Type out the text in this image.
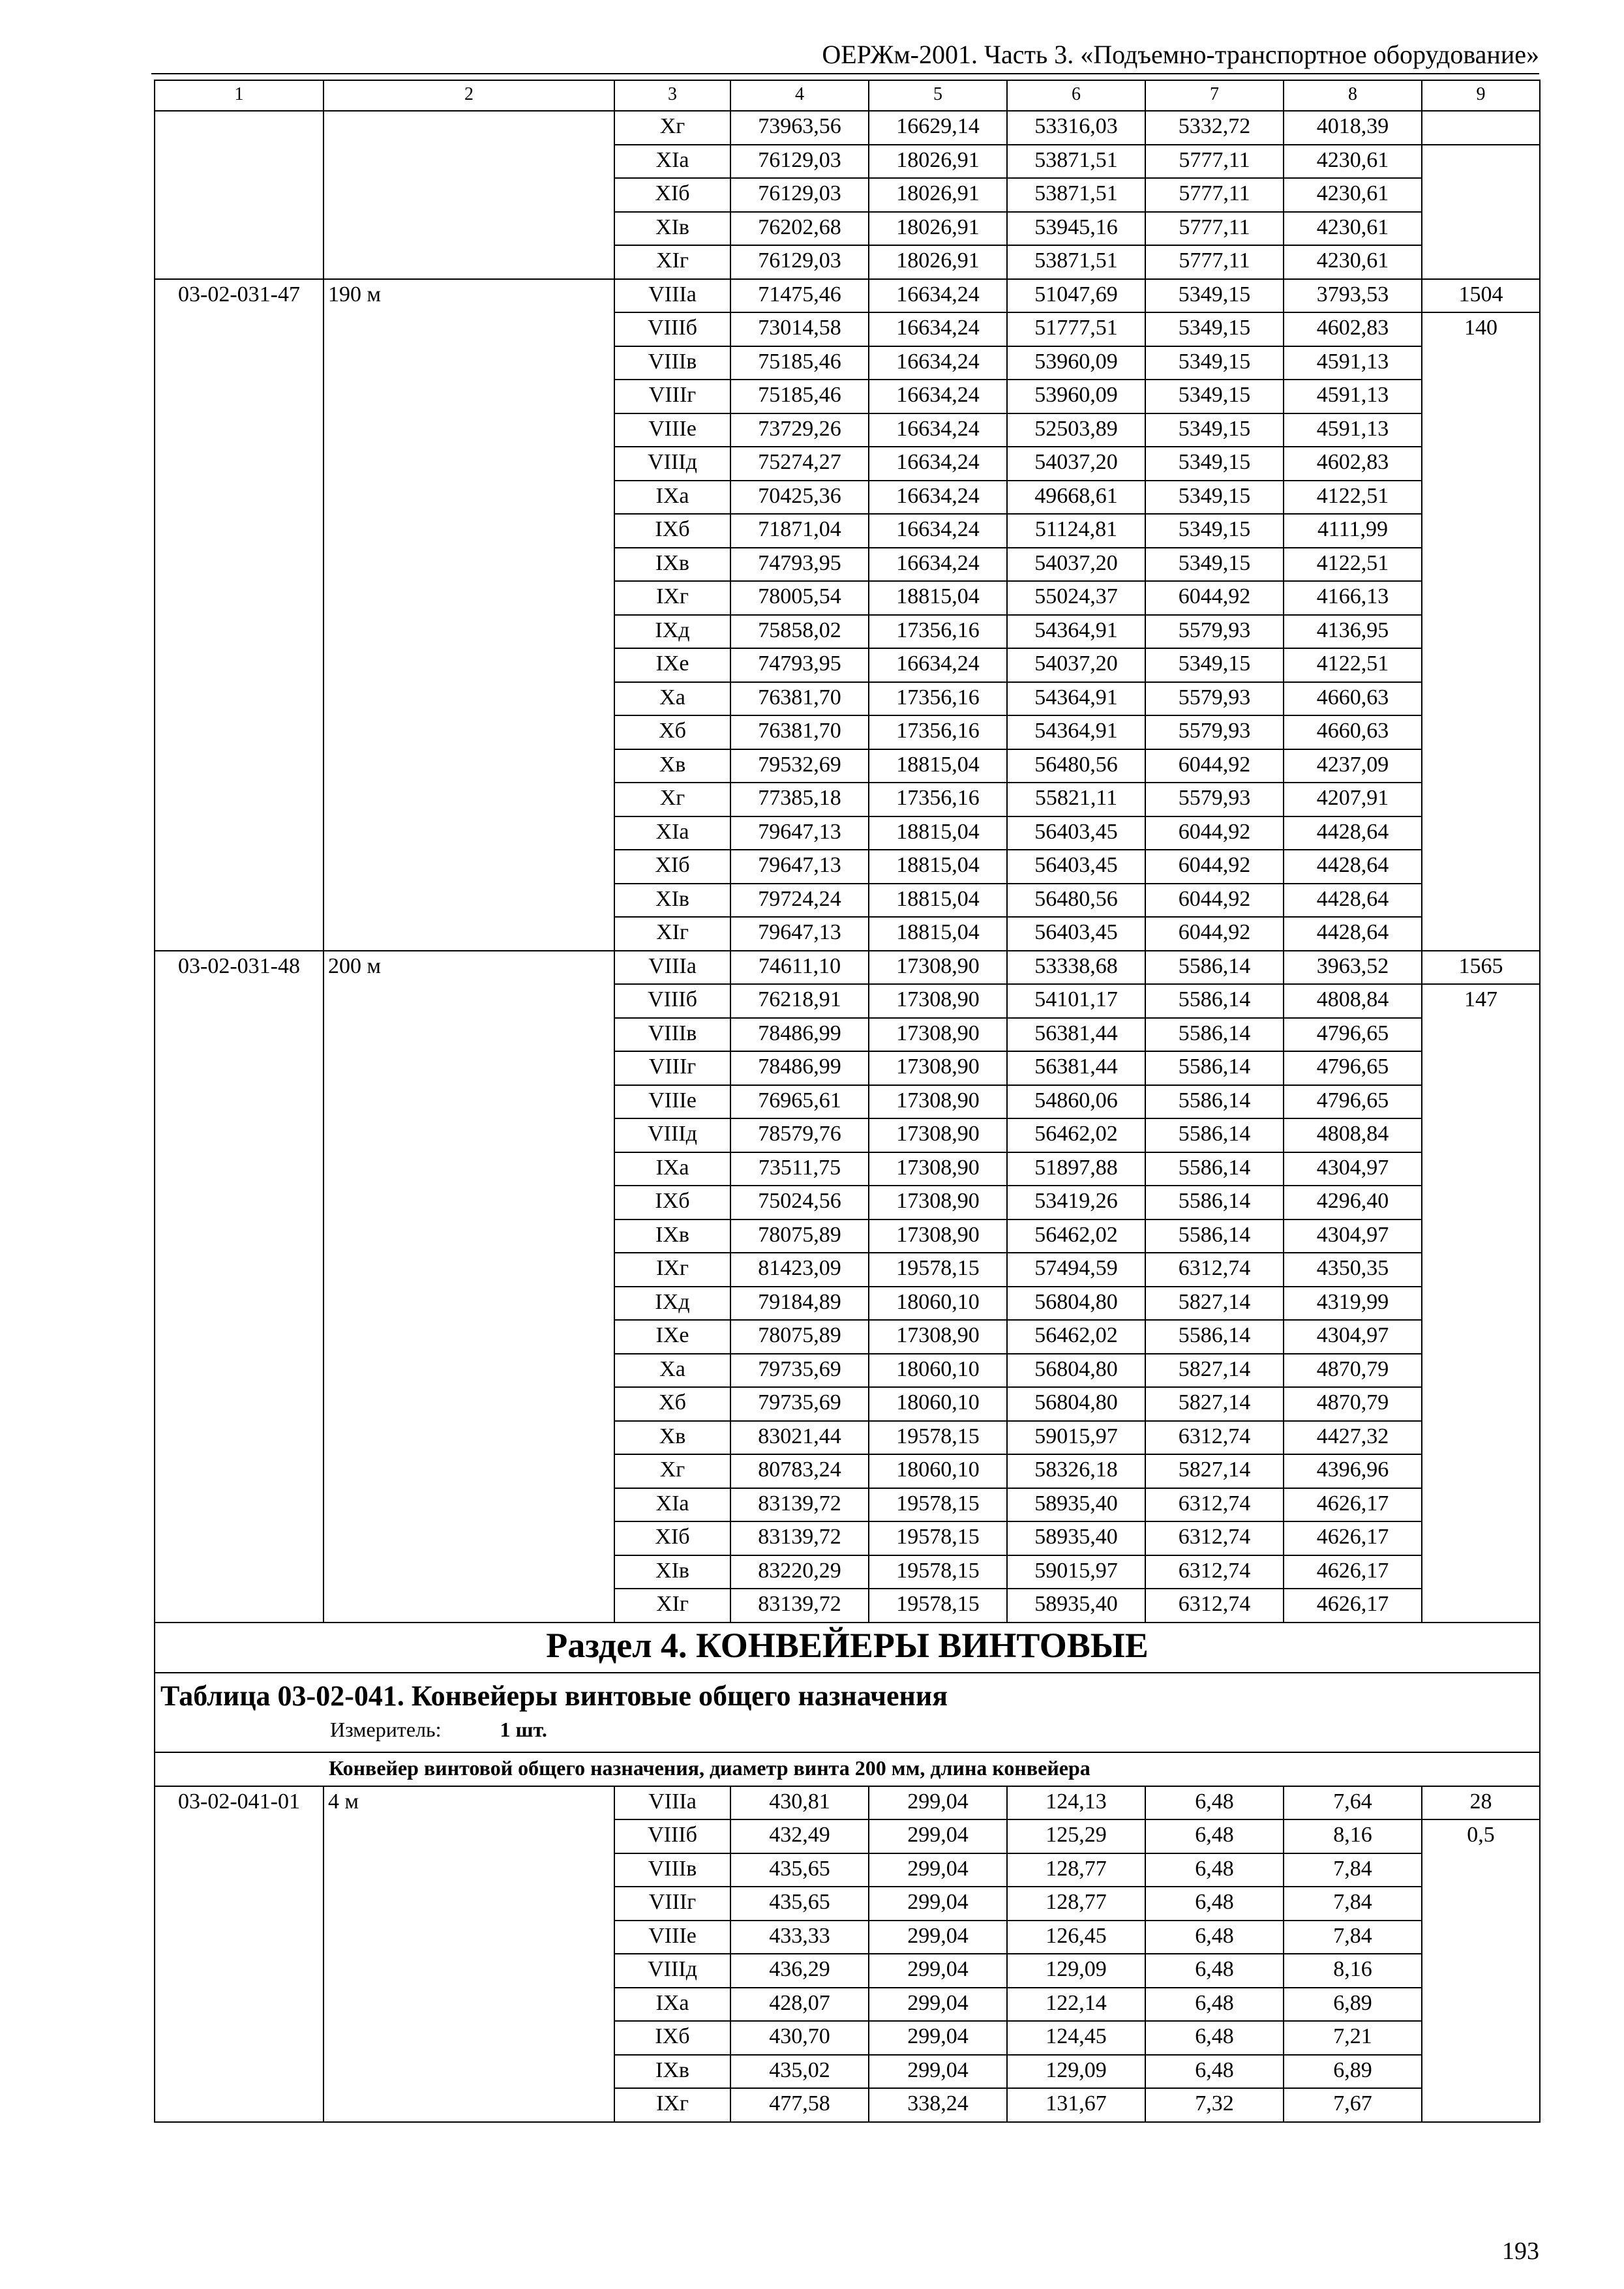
ОЕРЖм-2001. Часть 3. «Подъемно-транспортное оборудование»
1	2	3	4	5	6	7	8	9
		Xг	73963,56	16629,14	53316,03	5332,72	4018,39	
		XIа	76129,03	18026,91	53871,51	5777,11	4230,61	
		XIб	76129,03	18026,91	53871,51	5777,11	4230,61	
		XIв	76202,68	18026,91	53945,16	5777,11	4230,61	
		XIг	76129,03	18026,91	53871,51	5777,11	4230,61	
03-02-031-47	190 м	VIIIа	71475,46	16634,24	51047,69	5349,15	3793,53	1504
		VIIIб	73014,58	16634,24	51777,51	5349,15	4602,83	140
		VIIIв	75185,46	16634,24	53960,09	5349,15	4591,13	
		VIIIг	75185,46	16634,24	53960,09	5349,15	4591,13	
		VIIIе	73729,26	16634,24	52503,89	5349,15	4591,13	
		VIIIд	75274,27	16634,24	54037,20	5349,15	4602,83	
		IXа	70425,36	16634,24	49668,61	5349,15	4122,51	
		IXб	71871,04	16634,24	51124,81	5349,15	4111,99	
		IXв	74793,95	16634,24	54037,20	5349,15	4122,51	
		IXг	78005,54	18815,04	55024,37	6044,92	4166,13	
		IXд	75858,02	17356,16	54364,91	5579,93	4136,95	
		IXе	74793,95	16634,24	54037,20	5349,15	4122,51	
		Xа	76381,70	17356,16	54364,91	5579,93	4660,63	
		Xб	76381,70	17356,16	54364,91	5579,93	4660,63	
		Xв	79532,69	18815,04	56480,56	6044,92	4237,09	
		Xг	77385,18	17356,16	55821,11	5579,93	4207,91	
		XIа	79647,13	18815,04	56403,45	6044,92	4428,64	
		XIб	79647,13	18815,04	56403,45	6044,92	4428,64	
		XIв	79724,24	18815,04	56480,56	6044,92	4428,64	
		XIг	79647,13	18815,04	56403,45	6044,92	4428,64	
03-02-031-48	200 м	VIIIа	74611,10	17308,90	53338,68	5586,14	3963,52	1565
		VIIIб	76218,91	17308,90	54101,17	5586,14	4808,84	147
		VIIIв	78486,99	17308,90	56381,44	5586,14	4796,65	
		VIIIг	78486,99	17308,90	56381,44	5586,14	4796,65	
		VIIIе	76965,61	17308,90	54860,06	5586,14	4796,65	
		VIIIд	78579,76	17308,90	56462,02	5586,14	4808,84	
		IXа	73511,75	17308,90	51897,88	5586,14	4304,97	
		IXб	75024,56	17308,90	53419,26	5586,14	4296,40	
		IXв	78075,89	17308,90	56462,02	5586,14	4304,97	
		IXг	81423,09	19578,15	57494,59	6312,74	4350,35	
		IXд	79184,89	18060,10	56804,80	5827,14	4319,99	
		IXе	78075,89	17308,90	56462,02	5586,14	4304,97	
		Xа	79735,69	18060,10	56804,80	5827,14	4870,79	
		Xб	79735,69	18060,10	56804,80	5827,14	4870,79	
		Xв	83021,44	19578,15	59015,97	6312,74	4427,32	
		Xг	80783,24	18060,10	58326,18	5827,14	4396,96	
		XIа	83139,72	19578,15	58935,40	6312,74	4626,17	
		XIб	83139,72	19578,15	58935,40	6312,74	4626,17	
		XIв	83220,29	19578,15	59015,97	6312,74	4626,17	
		XIг	83139,72	19578,15	58935,40	6312,74	4626,17	
Раздел 4. КОНВЕЙЕРЫ ВИНТОВЫЕ								

Таблица 03-02-041. Конвейеры винтовые общего назначения
Измеритель: 1 шт.								

Конвейер винтовой общего назначения, диаметр винта 200 мм, длина конвейера								
03-02-041-01	4 м	VIIIа	430,81	299,04	124,13	6,48	7,64	28
		VIIIб	432,49	299,04	125,29	6,48	8,16	0,5
		VIIIв	435,65	299,04	128,77	6,48	7,84	
		VIIIг	435,65	299,04	128,77	6,48	7,84	
		VIIIе	433,33	299,04	126,45	6,48	7,84	
		VIIIд	436,29	299,04	129,09	6,48	8,16	
		IXа	428,07	299,04	122,14	6,48	6,89	
		IXб	430,70	299,04	124,45	6,48	7,21	
		IXв	435,02	299,04	129,09	6,48	6,89	
		IXг	477,58	338,24	131,67	7,32	7,67	
193
